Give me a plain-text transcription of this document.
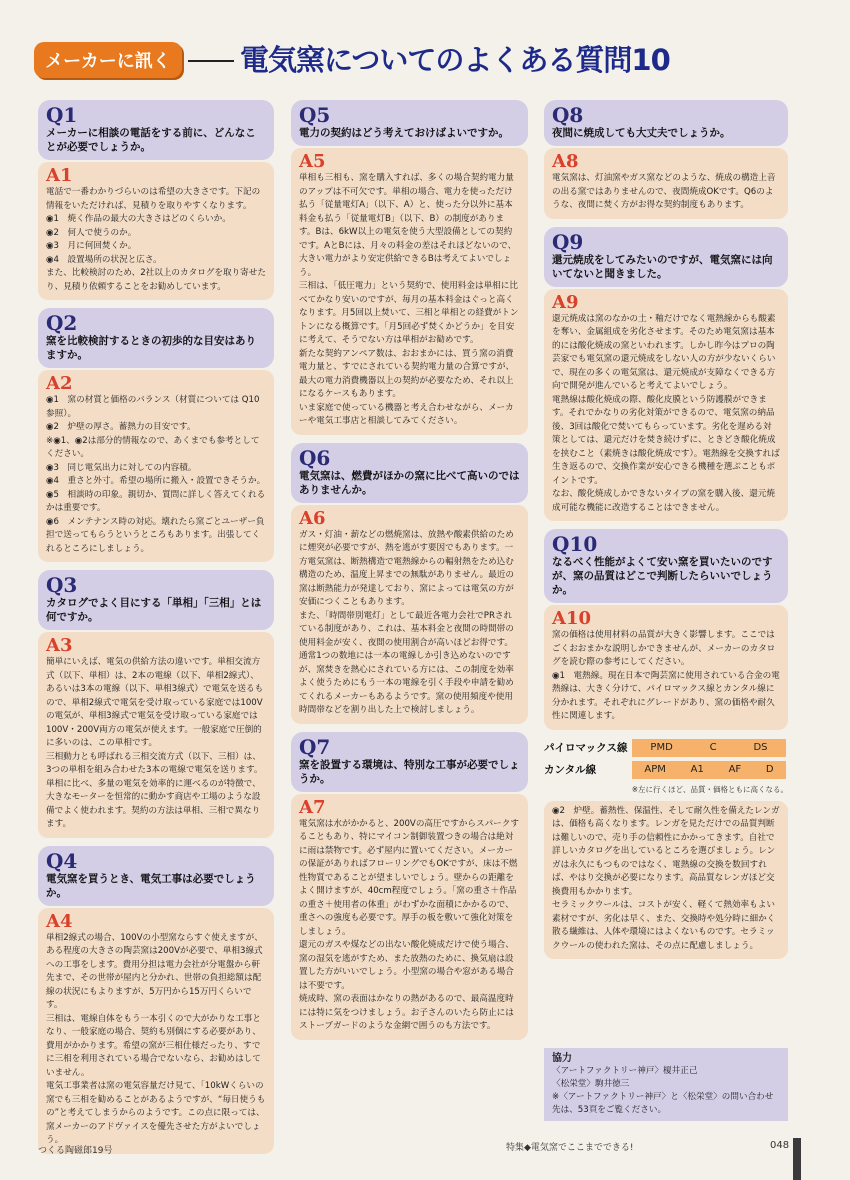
メーカーに訊く	電気窯についてのよくある質問10
Q1
メーカーに相談の電話をする前に、どんなことが必要でしょうか。
A1

電話で一番わかりづらいのは希望の大きさです。下記の情報をいただければ、見積りを取りやすくなります。

◉1　焼く作品の最大の大きさはどのくらいか。

◉2　何人で使うのか。

◉3　月に何回焚くか。

◉4　設置場所の状況と広さ。

また、比較検討のため、2社以上のカタログを取り寄せたり、見積り依頼することをお勧めしています。

Q2
窯を比較検討するときの初歩的な目安はありますか。
A2

◉1　窯の材質と価格のバランス（材質については Q10 参照）。

◉2　炉壁の厚さ。蓄熱力の目安です。

※◉1、◉2は部分的情報なので、あくまでも参考としてください。

◉3　同じ電気出力に対しての内容積。

◉4　重さと外寸。希望の場所に搬入・設置できそうか。

◉5　相談時の印象。親切か、質問に詳しく答えてくれるかは重要です。

◉6　メンテナンス時の対応。壊れたら窯ごとユーザー負担で送ってもらうというところもあります。出張してくれるところにしましょう。

Q3
カタログでよく目にする「単相」「三相」とは何ですか。
A3

簡単にいえば、電気の供給方法の違いです。単相交流方式（以下、単相）は、2本の電線（以下、単相2線式）、あるいは3本の電線（以下、単相3線式）で電気を送るもので、単相2線式で電気を受け取っている家庭では100Vの電気が、単相3線式で電気を受け取っている家庭では100V・200V両方の電気が使えます。一般家庭で圧倒的に多いのは、この単相です。

三相動力とも呼ばれる三相交流方式（以下、三相）は、3つの単相を組み合わせた3本の電線で電気を送ります。単相に比べ、多量の電気を効率的に運べるのが特徴で、大きなモーターを恒常的に動かす商店や工場のような設備でよく使われます。契約の方法は単相、三相で異なります。

Q4
電気窯を買うとき、電気工事は必要でしょうか。
A4

単相2線式の場合、100Vの小型窯ならすぐ使えますが、ある程度の大きさの陶芸窯は200Vが必要で、単相3線式への工事をします。費用分担は電力会社が分電盤から軒先まで、その世帯が屋内と分かれ、世帯の負担総額は配線の状況にもよりますが、5万円から15万円くらいです。

三相は、電線自体をもう一本引くので大がかりな工事となり、一般家庭の場合、契約も別個にする必要があり、費用がかかります。希望の窯が三相仕様だったり、すでに三相を利用されている場合でないなら、お勧めはしていません。

電気工事業者は窯の電気容量だけ見て、「10kWくらいの窯でも三相を勧めることがあるようですが、“毎日使うもの”と考えてしまうからのようです。この点に限っては、窯メーカーのアドヴァイスを優先させた方がよいでしょう。

Q5
電力の契約はどう考えておけばよいですか。
A5

単相も三相も、窯を購入すれば、多くの場合契約電力量のアップは不可欠です。単相の場合、電力を使っただけ払う「従量電灯A」（以下、A）と、使った分以外に基本料金も払う「従量電灯B」（以下、B）の制度があります。Bは、6kW以上の電気を使う大型設備としての契約です。AとBには、月々の料金の差はそれほどないので、大きい電力がより安定供給できるBは考えてよいでしょう。

三相は、「低圧電力」という契約で、使用料金は単相に比べてかなり安いのですが、毎月の基本料金はぐっと高くなります。月5回以上焚いて、三相と単相との経費がトントンになる概算です。「月5回必ず焚くかどうか」を目安に考えて、そうでない方は単相がお勧めです。

新たな契約アンペア数は、おおまかには、買う窯の消費電力量と、すでにされている契約電力量の合算ですが、最大の電力消費機器以上の契約が必要なため、それ以上になるケースもあります。

いま家庭で使っている機器と考え合わせながら、メーカーや電気工事店と相談してみてください。

Q6
電気窯は、燃費がほかの窯に比べて高いのではありませんか。
A6

ガス・灯油・薪などの燃焼窯は、放熱や酸素供給のために煙突が必要ですが、熱を逃がす要因でもあります。一方電気窯は、断熱構造で電熱線からの輻射熱をため込む構造のため、温度上昇までの無駄がありません。最近の窯は断熱能力が発達しており、窯によっては電気の方が安価につくこともあります。

また、「時間帯別電灯」として最近各電力会社でPRされている制度があり、これは、基本料金と夜間の時間帯の使用料金が安く、夜間の使用割合が高いほどお得です。通常1つの数地には一本の電線しか引き込めないのですが、窯焚きを熱心にされている方には、この制度を効率よく使うためにもう一本の電線を引く手段や申請を勧めてくれるメーカーもあるようです。窯の使用頻度や使用時間帯などを割り出した上で検討しましょう。

Q7
窯を設置する環境は、特別な工事が必要でしょうか。
A7

電気窯は水がかかると、200Vの高圧ですからスパークすることもあり、特にマイコン制御装置つきの場合は絶対に雨は禁物です。必ず屋内に置いてください。メーカーの保証がありればフローリングでもOKですが、床は不燃性物質であることが望ましいでしょう。壁からの距離をよく開けますが、40cm程度でしょう。「窯の重さ＋作品の重さ＋使用者の体重」がわずかな面積にかかるので、重さへの強度も必要です。厚手の板を敷いて強化対策をしましょう。

還元のガスや煤などの出ない酸化焼成だけで使う場合、窯の湿気を逃がすため、また放熱のために、換気扇は設置した方がいいでしょう。小型窯の場合や窓がある場合は不要です。

焼成時、窯の表面はかなりの熱があるので、最高温度時には特に気をつけましょう。お子さんのいたら防止にはストーブガードのような金網で囲うのも方法です。

Q8
夜間に焼成しても大丈夫でしょうか。
A8

電気窯は、灯油窯やガス窯などのような、焼成の構造上音の出る窯ではありませんので、夜間焼成OKです。Q6のような、夜間に焚く方がお得な契約制度もあります。

Q9
還元焼成をしてみたいのですが、電気窯には向いてないと聞きました。
A9

還元焼成は窯のなかの土・釉だけでなく電熱線からも酸素を奪い、金属組成を劣化させます。そのため電気窯は基本的には酸化焼成の窯といわれます。しかし昨今はプロの陶芸家でも電気窯の還元焼成をしない人の方が少ないくらいで、現在の多くの電気窯は、還元焼成が支障なくできる方向で開発が進んでいると考えてよいでしょう。

電熱線は酸化焼成の際、酸化皮膜という防護膜ができます。それでかなりの劣化対策ができるので、電気窯の納品後、3回は酸化で焚いてもらっています。劣化を遅める対策としては、還元だけを焚き続けずに、ときどき酸化焼成を挟むこと（素焼きは酸化焼成です）。電熱線を交換すれば生き返るので、交換作業が安心できる機種を選ぶこともポイントです。

なお、酸化焼成しかできないタイプの窯を購入後、還元焼成可能な機能に改造することはできません。

Q10
なるべく性能がよくて安い窯を買いたいのですが、窯の品質はどこで判断したらいいでしょうか。
A10

窯の価格は使用材料の品質が大きく影響します。ここではごくおおまかな説明しかできませんが、メーカーのカタログを読む際の参考にしてください。

◉1　電熱線。現在日本で陶芸窯に使用されている合金の電熱線は、大きく分けて、パイロマックス線とカンタル線に分かれます。それぞれにグレードがあり、窯の価格や耐久性に関連します。

パイロマックス線	PMD	C	DS
カンタル線	APM A1 AF D
※左に行くほど、品質・価格ともに高くなる。

◉2　炉壁。蓄熱性、保温性、そして耐久性を備えたレンガは、価格も高くなります。レンガを見ただけでの品質判断は難しいので、売り手の信頼性にかかってきます。自社で詳しいカタログを出しているところを選びましょう。レンガは永久にもつものではなく、電熱線の交換を数回すれば、やはり交換が必要になります。高品質なレンガほど交換費用もかかります。

セラミックウールは、コストが安く、軽くて熱効率もよい素材ですが、劣化は早く、また、交換時や処分時に細かく散る繊維は、人体や環境にはよくないものです。セラミックウールの使われた窯は、その点に配慮しましょう。

協力
〈アートファクトリー神戸〉榎井正己
〈松栄堂〉駒井徳三
※〈アートファクトリー神戸〉と〈松栄堂〉の問い合わせ先は、53頁をご覧ください。
つくる陶磁郎19号	特集◆電気窯でここまでできる!	048
